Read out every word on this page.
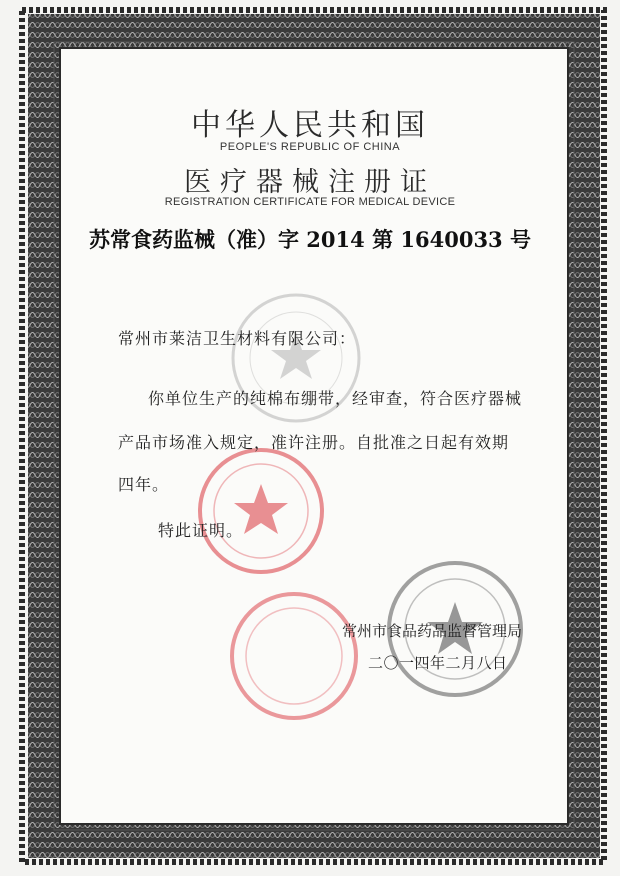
中华人民共和国
PEOPLE'S REPUBLIC OF CHINA
医疗器械注册证
REGISTRATION CERTIFICATE FOR MEDICAL DEVICE
苏常食药监械（准）字 2014 第 1640033 号
常州市莱洁卫生材料有限公司：
你单位生产的纯棉布绷带，经审查，符合医疗器械
产品市场准入规定，准许注册。自批准之日起有效期
四年。
特此证明。
常州市食品药品监督管理局
二〇一四年二月八日
